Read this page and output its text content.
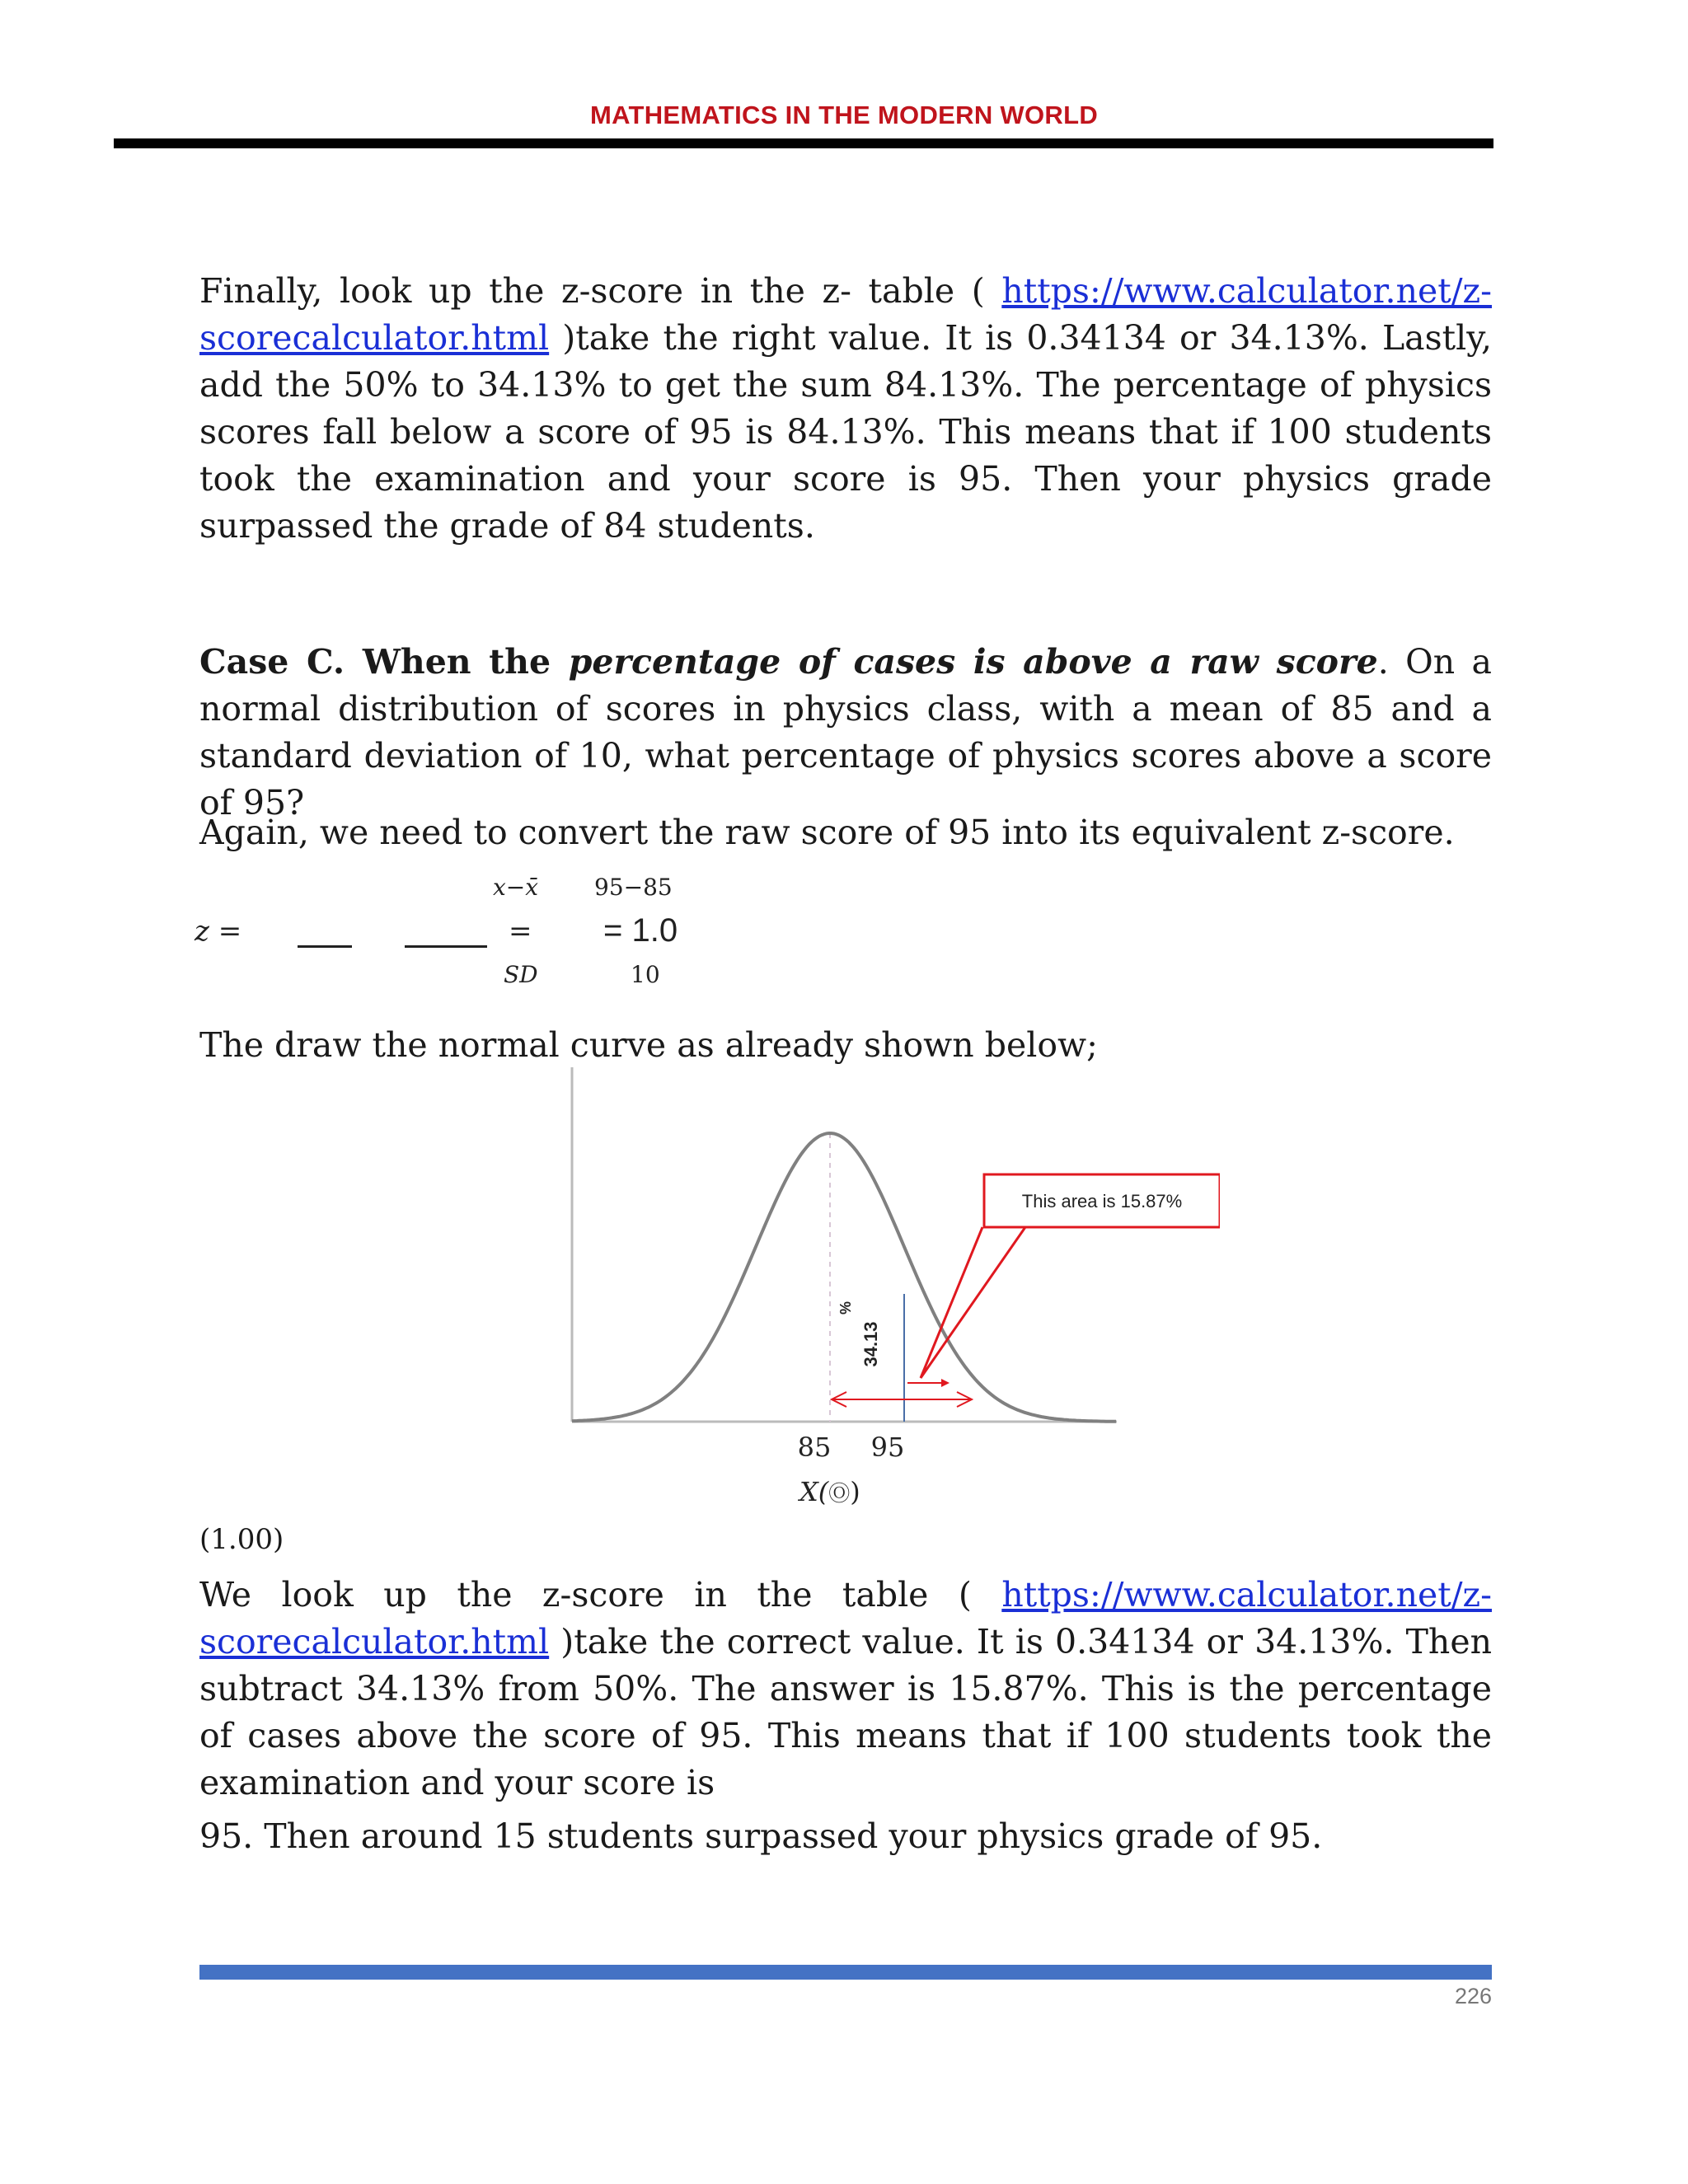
MATHEMATICS IN THE MODERN WORLD
Finally, look up the z-score in the z- table ( https://www.calculator.net/z-scorecalculator.html )take the right value. It is 0.34134 or 34.13%. Lastly, add the 50% to 34.13% to get the sum 84.13%. The percentage of physics scores fall below a score of 95 is 84.13%. This means that if 100 students took the examination and your score is 95. Then your physics grade surpassed the grade of 84 students.
Case C. When the percentage of cases is above a raw score. On a normal distribution of scores in physics class, with a mean of 85 and a standard deviation of 10, what percentage of physics scores above a score of 95?
Again, we need to convert the raw score of 95 into its equivalent z-score.
z =
x−x̄
=
SD
95−85
= 1.0
10
The draw the normal curve as already shown below;
This area is 15.87%
34.13
%
85 95
X(Ⓞ)
(1.00)
We look up the z-score in the table ( https://www.calculator.net/z-scorecalculator.html )take the correct value. It is 0.34134 or 34.13%. Then subtract 34.13% from 50%. The answer is 15.87%. This is the percentage of cases above the score of 95. This means that if 100 students took the examination and your score is
95. Then around 15 students surpassed your physics grade of 95.
226
